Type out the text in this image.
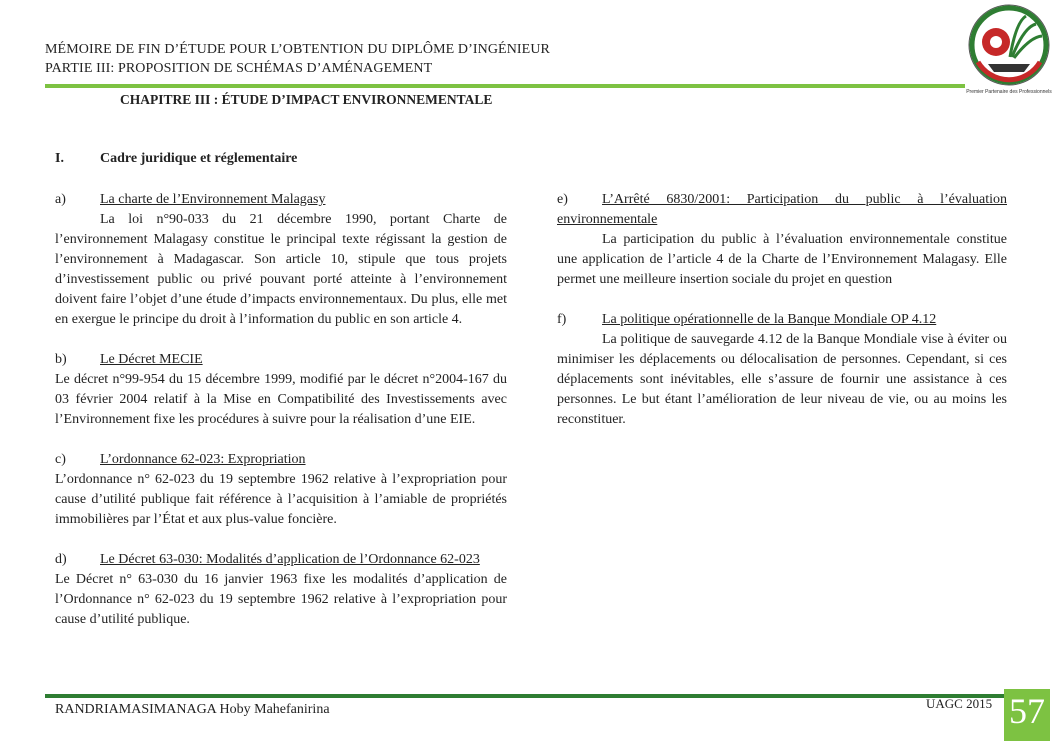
MÉMOIRE DE FIN D’ÉTUDE POUR L’OBTENTION DU DIPLÔME D’INGÉNIEUR
PARTIE III: PROPOSITION DE SCHÉMAS D’AMÉNAGEMENT
CHAPITRE III : ÉTUDE D’IMPACT ENVIRONNEMENTALE	Premier Partenaire des Professionnels
I.	Cadre juridique et réglementaire
a) La charte de l’Environnement Malagasy

La loi n°90-033 du 21 décembre 1990, portant Charte de l’environnement Malagasy constitue le principal texte régissant la gestion de l’environnement à Madagascar. Son article 10, stipule que tous projets d’investissement public ou privé pouvant porté atteinte à l’environnement doivent faire l’objet d’une étude d’impacts environnementaux. Du plus, elle met en exergue le principe du droit à l’information du public en son article 4.

b) Le Décret MECIE

Le décret n°99-954 du 15 décembre 1999, modifié par le décret n°2004-167 du 03 février 2004 relatif à la Mise en Compatibilité des Investissements avec l’Environnement fixe les procédures à suivre pour la réalisation d’une EIE.

c) L’ordonnance 62-023: Expropriation

L’ordonnance n° 62-023 du 19 septembre 1962 relative à l’expropriation pour cause d’utilité publique fait référence à l’acquisition à l’amiable de propriétés immobilières par l’État et aux plus-value foncière.

d) Le Décret 63-030: Modalités d’application de l’Ordonnance 62-023

Le Décret n° 63-030 du 16 janvier 1963 fixe les modalités d’application de l’Ordonnance n° 62-023 du 19 septembre 1962 relative à l’expropriation pour cause d’utilité publique.

e) L’Arrêté 6830/2001: Participation du public à l’évaluation environnementale

La participation du public à l’évaluation environnementale constitue une application de l’article 4 de la Charte de l’Environnement Malagasy. Elle permet une meilleure insertion sociale du projet en question

f)	La politique opérationnelle de la Banque Mondiale OP 4.12

La politique de sauvegarde 4.12 de la Banque Mondiale vise à éviter ou minimiser les déplacements ou délocalisation de personnes. Cependant, si ces déplacements sont inévitables, elle s’assure de fournir une assistance à ces personnes. Le but étant l’amélioration de leur niveau de vie, ou au moins les reconstituer.

RANDRIAMASIMANAGA Hoby Mahefanirina	UAGC 2015 57
